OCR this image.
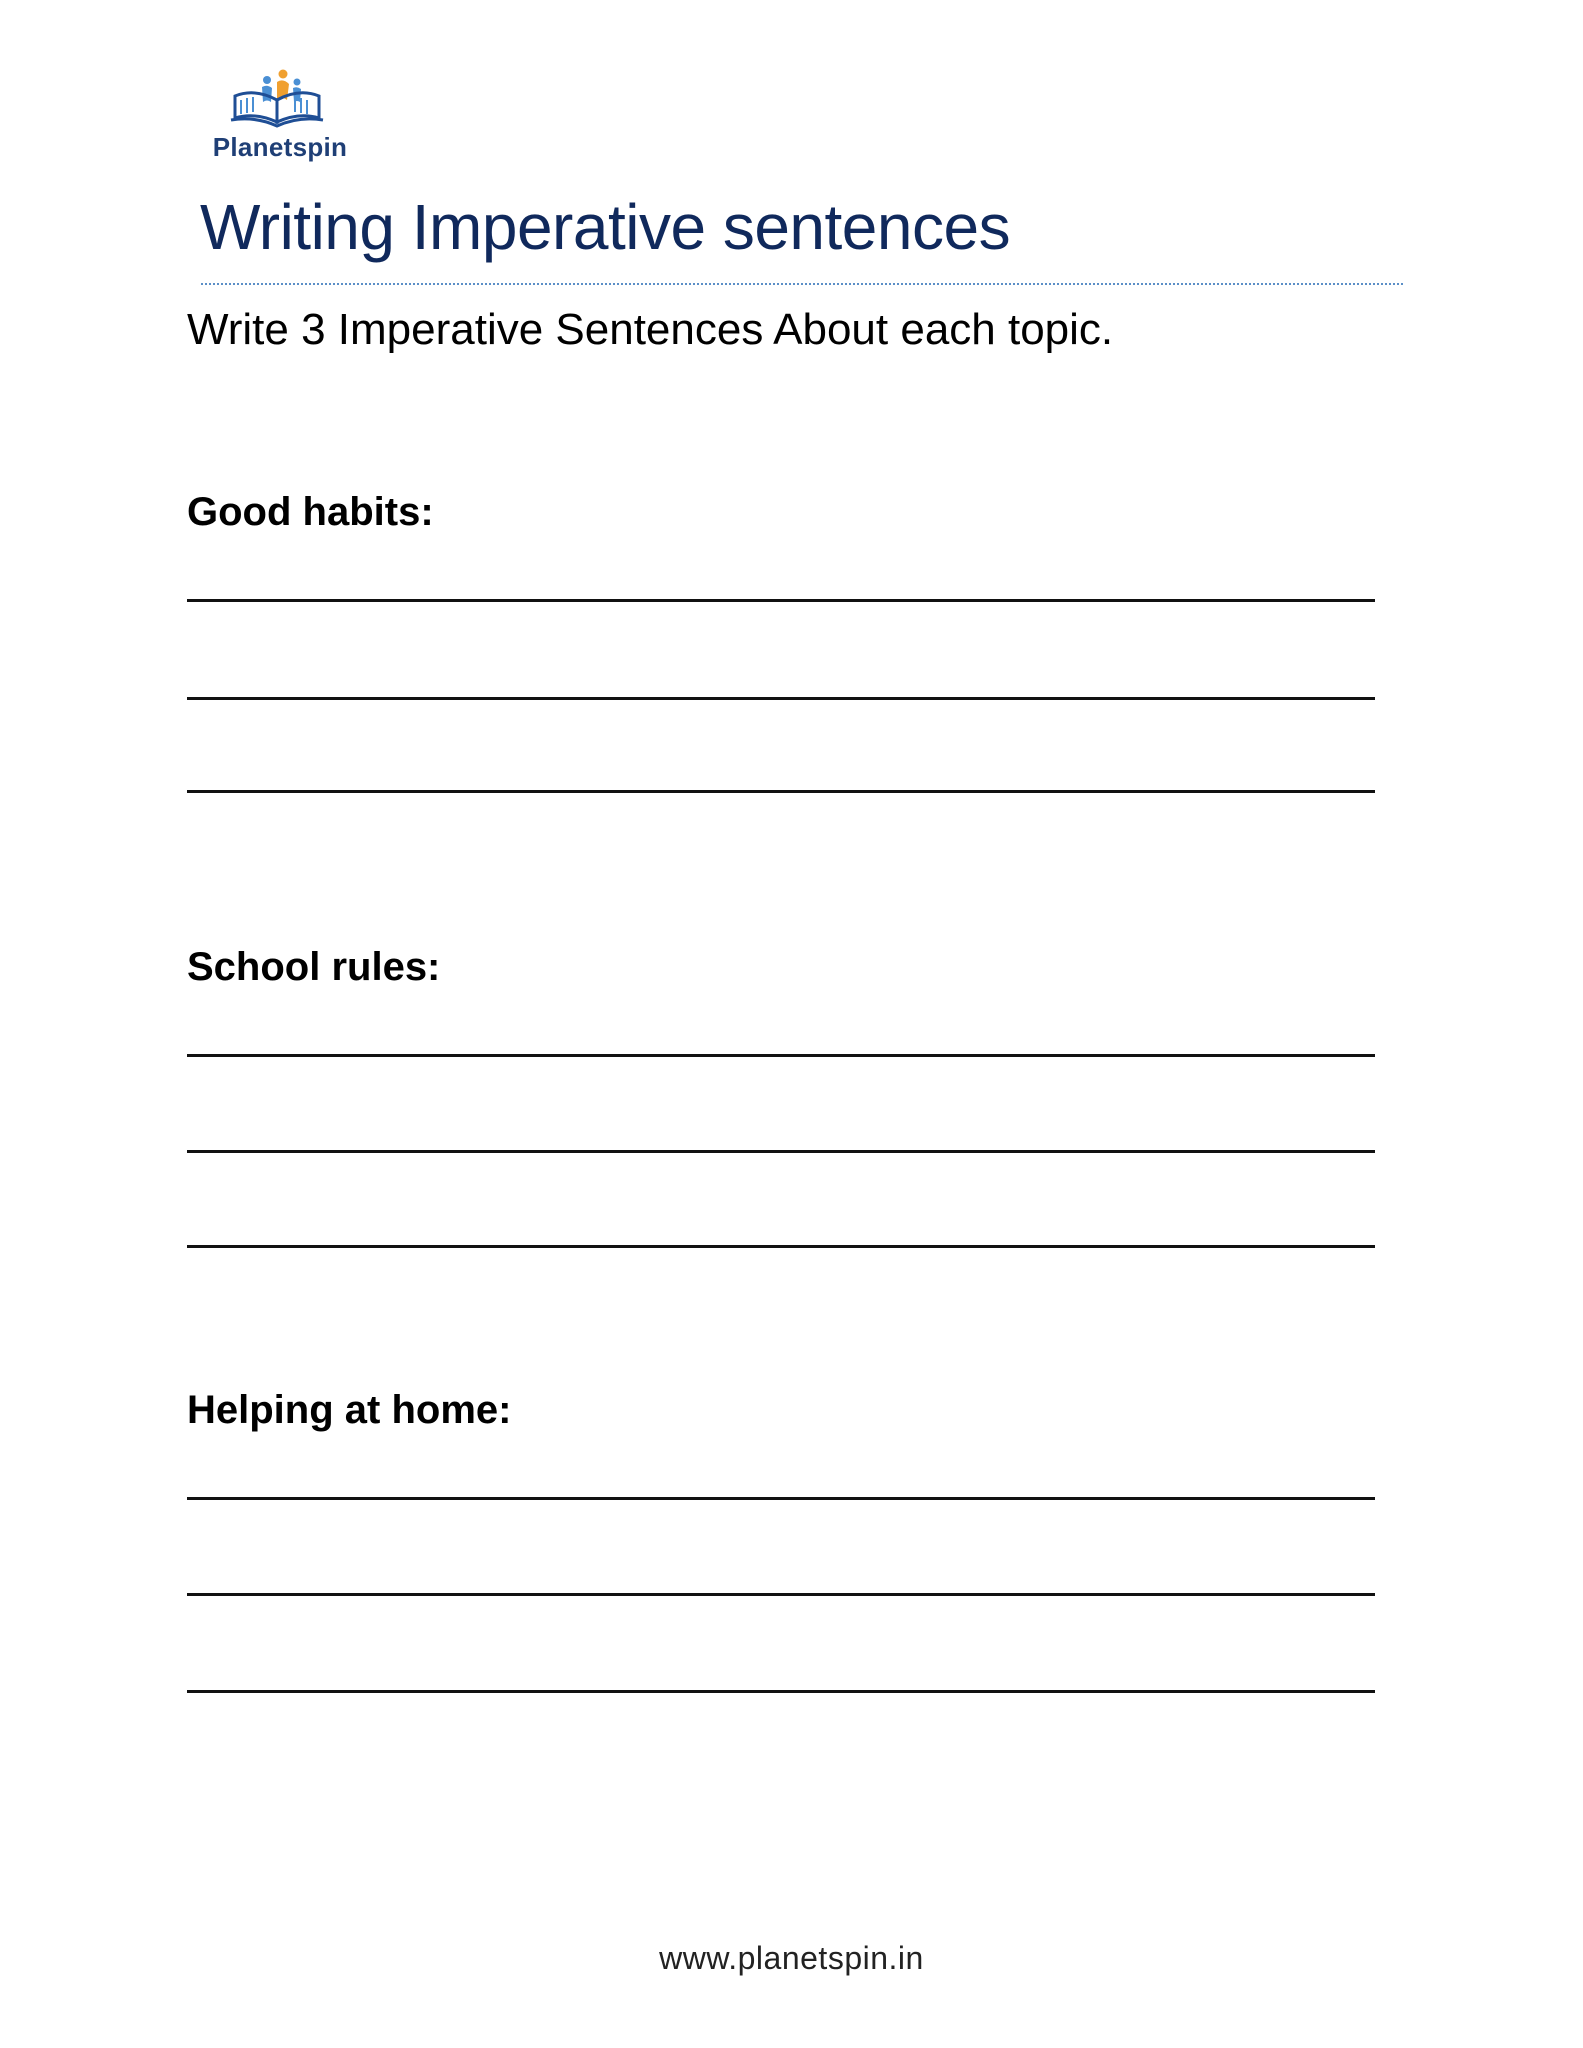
Planetspin
Writing Imperative sentences

Write 3 Imperative Sentences About each topic.

Good habits:
School rules:
Helping at home:
www.planetspin.in
